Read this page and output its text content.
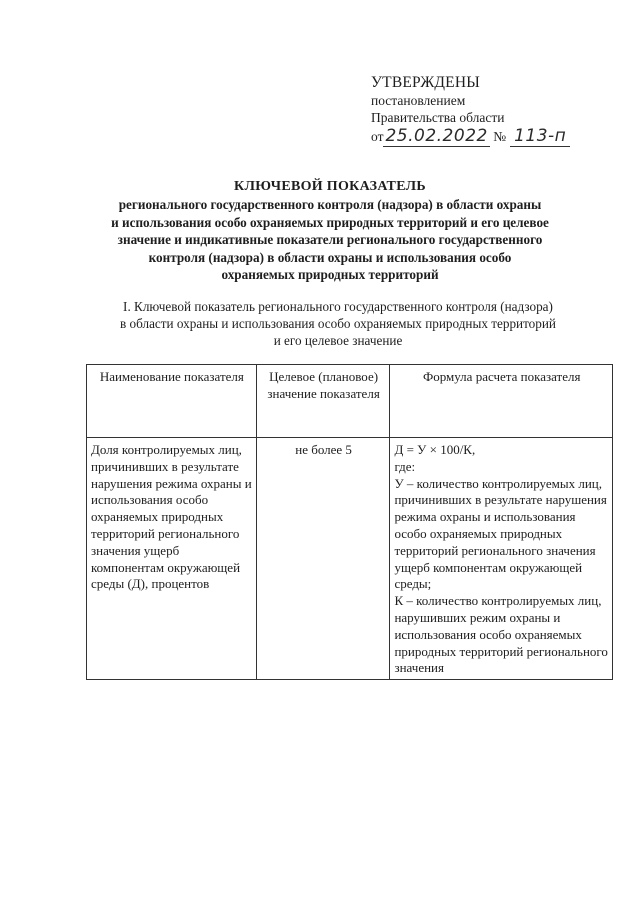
УТВЕРЖДЕНЫ
постановлением
Правительства области
от 25.02.2022 № 113-п
КЛЮЧЕВОЙ ПОКАЗАТЕЛЬ
регионального государственного контроля (надзора) в области охраны
и использования особо охраняемых природных территорий и его целевое
значение и индикативные показатели регионального государственного
контроля (надзора) в области охраны и использования особо
охраняемых природных территорий
I. Ключевой показатель регионального государственного контроля (надзора)
в области охраны и использования особо охраняемых природных территорий
и его целевое значение
Наименование показателя	Целевое (плановое) значение показателя	Формула расчета показателя
Доля контролируемых лиц, причинивших в результате нарушения режима охраны и использования особо охраняемых природных территорий регионального значения ущерб компонентам окружающей среды (Д), процентов	не более 5	Д = У × 100/К,
где:
У – количество контролируемых лиц, причинивших в результате нарушения режима охраны и использования особо охраняемых природных территорий регионального значения ущерб компонентам окружающей среды;
К – количество контролируемых лиц, нарушивших режим охраны и использования особо охраняемых природных территорий регионального значения
